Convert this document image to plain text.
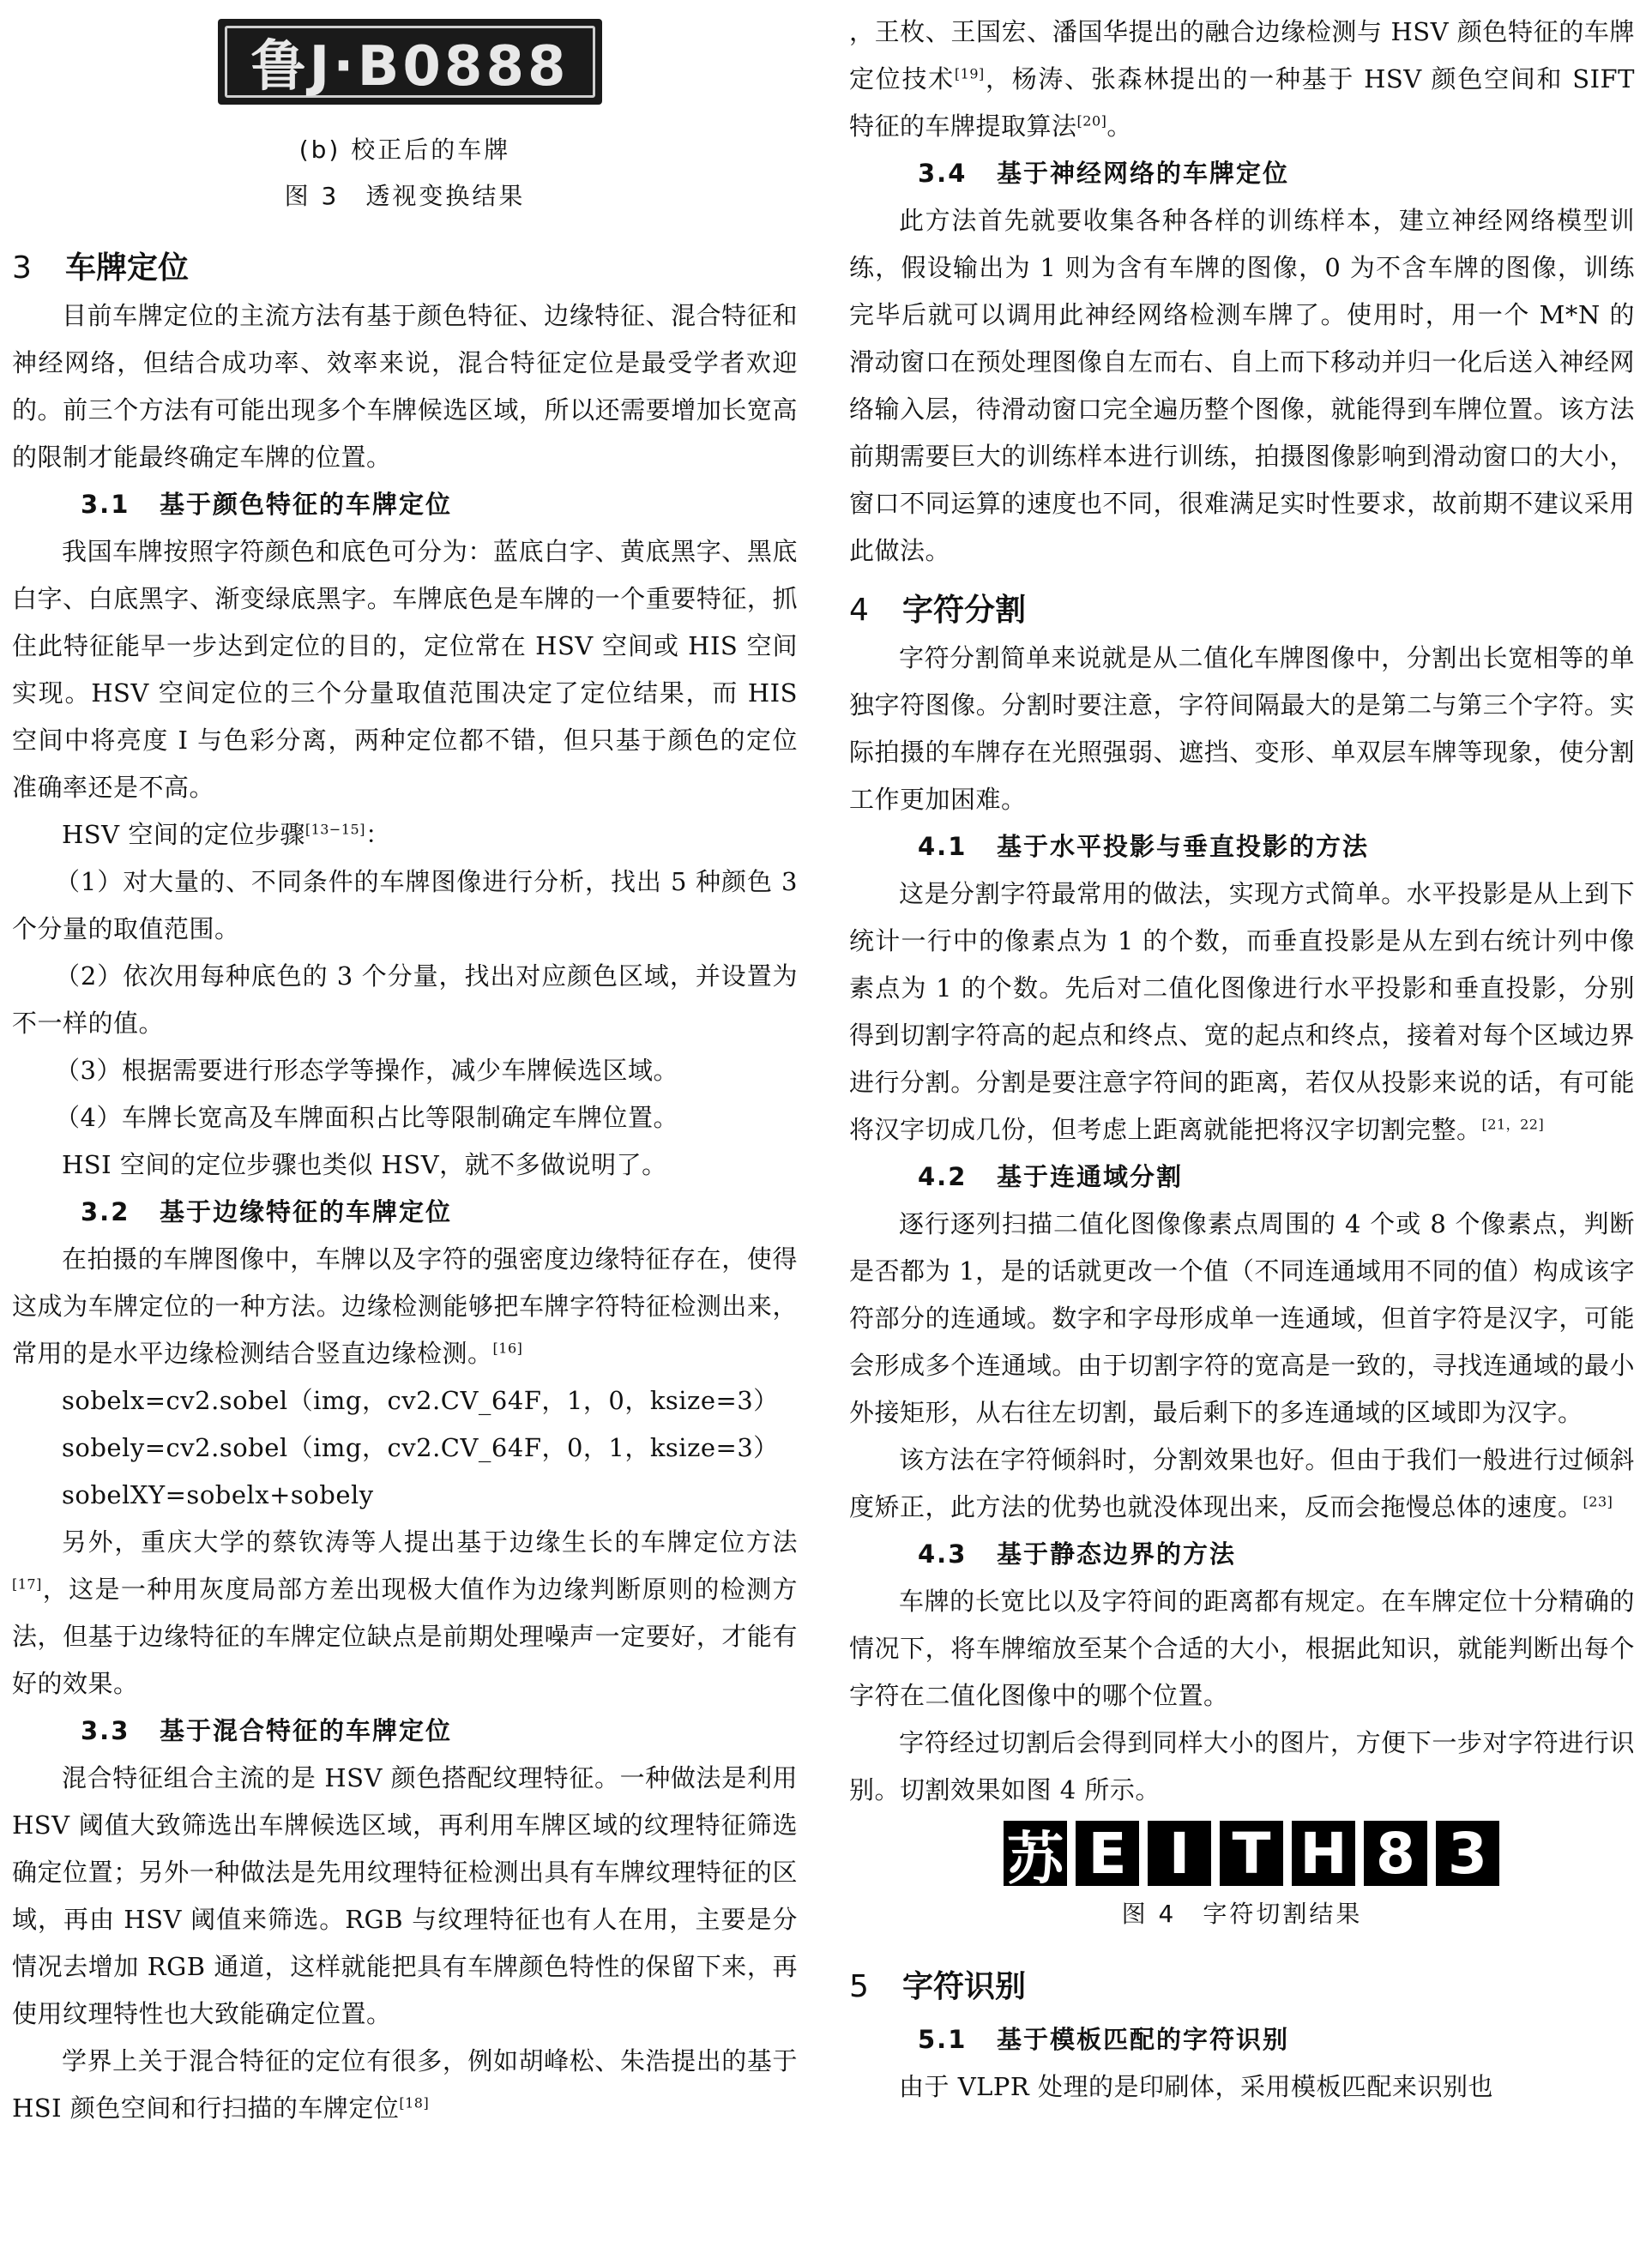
鲁J·B0888

(b) 校正后的车牌

图 3　透视变换结果

3 车牌定位

目前车牌定位的主流方法有基于颜色特征、边缘特征、混合特征和神经网络，但结合成功率、效率来说，混合特征定位是最受学者欢迎的。前三个方法有可能出现多个车牌候选区域，所以还需要增加长宽高的限制才能最终确定车牌的位置。

3.1 基于颜色特征的车牌定位

我国车牌按照字符颜色和底色可分为：蓝底白字、黄底黑字、黑底白字、白底黑字、渐变绿底黑字。车牌底色是车牌的一个重要特征，抓住此特征能早一步达到定位的目的，定位常在 HSV 空间或 HIS 空间实现。HSV 空间定位的三个分量取值范围决定了定位结果，而 HIS 空间中将亮度 I 与色彩分离，两种定位都不错，但只基于颜色的定位准确率还是不高。

HSV 空间的定位步骤[13−15]：

（1）对大量的、不同条件的车牌图像进行分析，找出 5 种颜色 3 个分量的取值范围。

（2）依次用每种底色的 3 个分量，找出对应颜色区域，并设置为不一样的值。

（3）根据需要进行形态学等操作，减少车牌候选区域。

（4）车牌长宽高及车牌面积占比等限制确定车牌位置。

HSI 空间的定位步骤也类似 HSV，就不多做说明了。

3.2 基于边缘特征的车牌定位

在拍摄的车牌图像中，车牌以及字符的强密度边缘特征存在，使得这成为车牌定位的一种方法。边缘检测能够把车牌字符特征检测出来，常用的是水平边缘检测结合竖直边缘检测。[16]

sobelx=cv2.sobel（img，cv2.CV_64F，1，0，ksize=3）

sobely=cv2.sobel（img，cv2.CV_64F，0，1，ksize=3）

sobelXY=sobelx+sobely

另外，重庆大学的蔡钦涛等人提出基于边缘生长的车牌定位方法[17]，这是一种用灰度局部方差出现极大值作为边缘判断原则的检测方法，但基于边缘特征的车牌定位缺点是前期处理噪声一定要好，才能有好的效果。

3.3 基于混合特征的车牌定位

混合特征组合主流的是 HSV 颜色搭配纹理特征。一种做法是利用 HSV 阈值大致筛选出车牌候选区域，再利用车牌区域的纹理特征筛选确定位置；另外一种做法是先用纹理特征检测出具有车牌纹理特征的区域，再由 HSV 阈值来筛选。RGB 与纹理特征也有人在用，主要是分情况去增加 RGB 通道，这样就能把具有车牌颜色特性的保留下来，再使用纹理特性也大致能确定位置。

学界上关于混合特征的定位有很多，例如胡峰松、朱浩提出的基于 HSI 颜色空间和行扫描的车牌定位[18]

，王枚、王国宏、潘国华提出的融合边缘检测与 HSV 颜色特征的车牌定位技术[19]，杨涛、张森林提出的一种基于 HSV 颜色空间和 SIFT 特征的车牌提取算法[20]。

3.4 基于神经网络的车牌定位

此方法首先就要收集各种各样的训练样本，建立神经网络模型训练，假设输出为 1 则为含有车牌的图像，0 为不含车牌的图像，训练完毕后就可以调用此神经网络检测车牌了。使用时，用一个 M*N 的滑动窗口在预处理图像自左而右、自上而下移动并归一化后送入神经网络输入层，待滑动窗口完全遍历整个图像，就能得到车牌位置。该方法前期需要巨大的训练样本进行训练，拍摄图像影响到滑动窗口的大小，窗口不同运算的速度也不同，很难满足实时性要求，故前期不建议采用此做法。

4 字符分割

字符分割简单来说就是从二值化车牌图像中，分割出长宽相等的单独字符图像。分割时要注意，字符间隔最大的是第二与第三个字符。实际拍摄的车牌存在光照强弱、遮挡、变形、单双层车牌等现象，使分割工作更加困难。

4.1 基于水平投影与垂直投影的方法

这是分割字符最常用的做法，实现方式简单。水平投影是从上到下统计一行中的像素点为 1 的个数，而垂直投影是从左到右统计列中像素点为 1 的个数。先后对二值化图像进行水平投影和垂直投影，分别得到切割字符高的起点和终点、宽的起点和终点，接着对每个区域边界进行分割。分割是要注意字符间的距离，若仅从投影来说的话，有可能将汉字切成几份，但考虑上距离就能把将汉字切割完整。[21，22]

4.2 基于连通域分割

逐行逐列扫描二值化图像像素点周围的 4 个或 8 个像素点，判断是否都为 1，是的话就更改一个值（不同连通域用不同的值）构成该字符部分的连通域。数字和字母形成单一连通域，但首字符是汉字，可能会形成多个连通域。由于切割字符的宽高是一致的，寻找连通域的最小外接矩形，从右往左切割，最后剩下的多连通域的区域即为汉字。

该方法在字符倾斜时，分割效果也好。但由于我们一般进行过倾斜度矫正，此方法的优势也就没体现出来，反而会拖慢总体的速度。[23]

4.3 基于静态边界的方法

车牌的长宽比以及字符间的距离都有规定。在车牌定位十分精确的情况下，将车牌缩放至某个合适的大小，根据此知识，就能判断出每个字符在二值化图像中的哪个位置。

字符经过切割后会得到同样大小的图片，方便下一步对字符进行识别。切割效果如图 4 所示。

苏 E I T H 8 3

图 4　字符切割结果

5 字符识别
5.1 基于模板匹配的字符识别

由于 VLPR 处理的是印刷体，采用模板匹配来识别也
